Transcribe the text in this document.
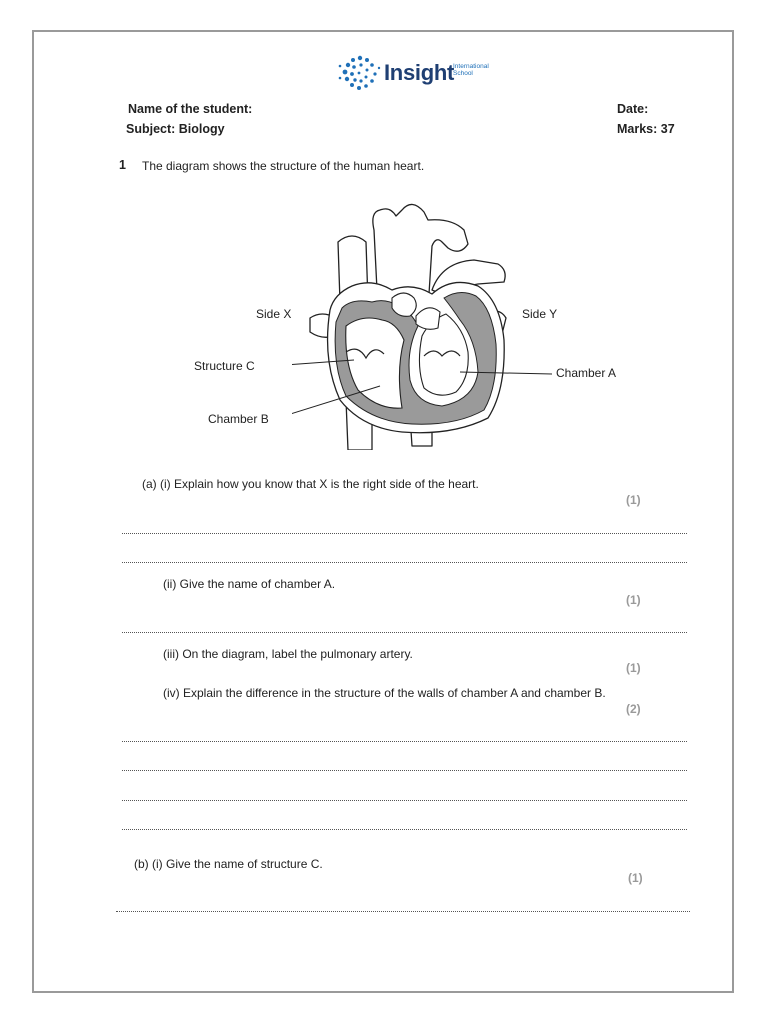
Insight
International
School
Name of the student:	Date:
Subject: Biology	Marks: 37
1 The diagram shows the structure of the human heart.
Side X	Side Y
Structure C	Chamber A
Chamber B
(a) (i) Explain how you know that X is the right side of the heart.
(1)
(ii) Give the name of chamber A.
(1)
(iii) On the diagram, label the pulmonary artery.
(1)
(iv) Explain the difference in the structure of the walls of chamber A and chamber B.
(2)
(b) (i) Give the name of structure C.
(1)
